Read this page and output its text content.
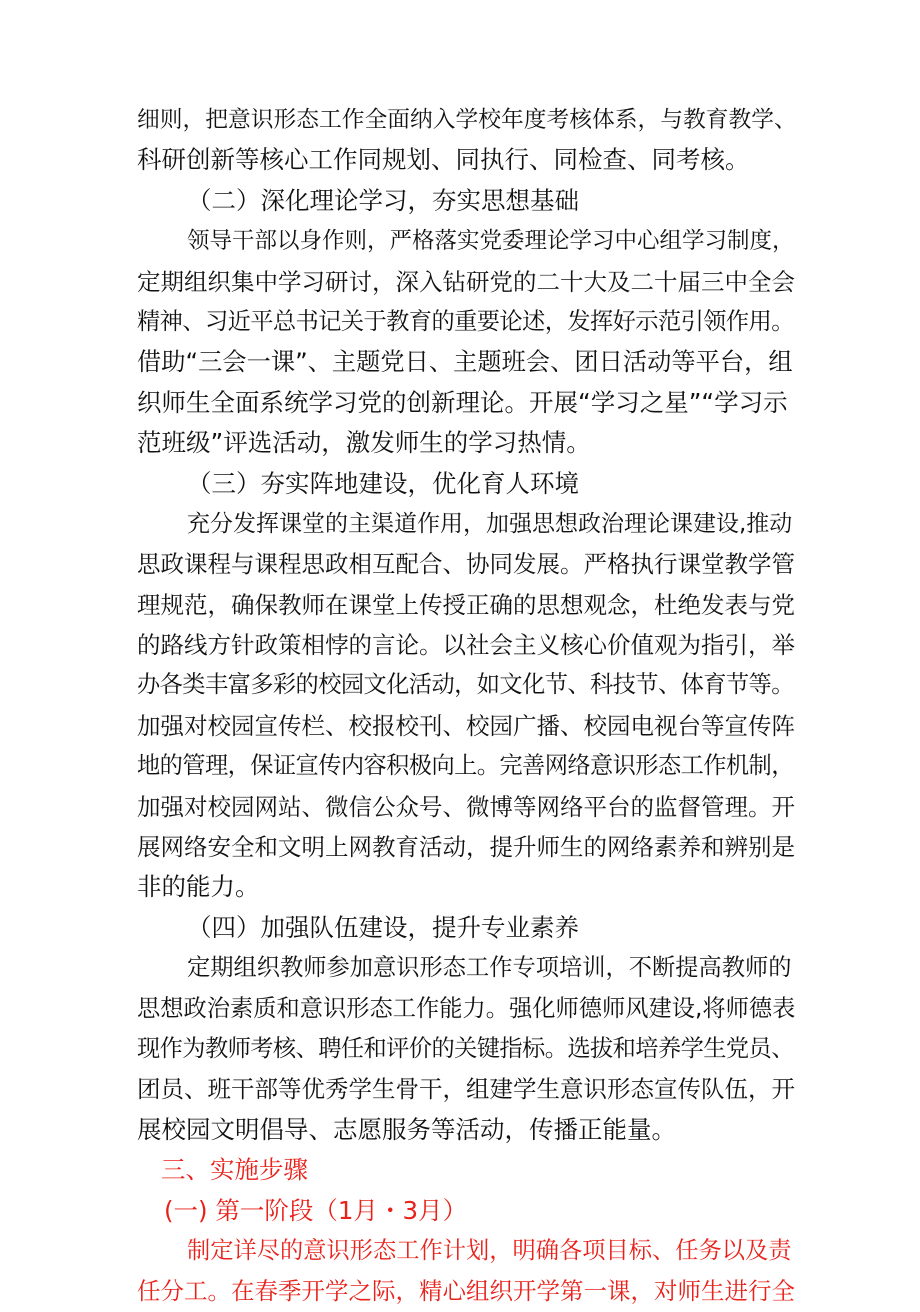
细则，把意识形态工作全面纳入学校年度考核体系，与教育教学、
科研创新等核心工作同规划、同执行、同检查、同考核。
（二）深化理论学习，夯实思想基础
领导干部以身作则，严格落实党委理论学习中心组学习制度，
定期组织集中学习研讨，深入钻研党的二十大及二十届三中全会
精神、习近平总书记关于教育的重要论述，发挥好示范引领作用。
借助“三会一课”、主题党日、主题班会、团日活动等平台，组
织师生全面系统学习党的创新理论。开展“学习之星”“学习示
范班级”评选活动，激发师生的学习热情。
（三）夯实阵地建设，优化育人环境
充分发挥课堂的主渠道作用，加强思想政治理论课建设,推动
思政课程与课程思政相互配合、协同发展。严格执行课堂教学管
理规范，确保教师在课堂上传授正确的思想观念，杜绝发表与党
的路线方针政策相悖的言论。以社会主义核心价值观为指引，举
办各类丰富多彩的校园文化活动，如文化节、科技节、体育节等。
加强对校园宣传栏、校报校刊、校园广播、校园电视台等宣传阵
地的管理，保证宣传内容积极向上。完善网络意识形态工作机制，
加强对校园网站、微信公众号、微博等网络平台的监督管理。开
展网络安全和文明上网教育活动，提升师生的网络素养和辨别是
非的能力。
（四）加强队伍建设，提升专业素养
定期组织教师参加意识形态工作专项培训，不断提高教师的
思想政治素质和意识形态工作能力。强化师德师风建设,将师德表
现作为教师考核、聘任和评价的关键指标。选拔和培养学生党员、
团员、班干部等优秀学生骨干，组建学生意识形态宣传队伍，开
展校园文明倡导、志愿服务等活动，传播正能量。
三、实施步骤
(一) 第一阶段（1月・3月）
制定详尽的意识形态工作计划，明确各项目标、任务以及责
任分工。在春季开学之际，精心组织开学第一课，对师生进行全
